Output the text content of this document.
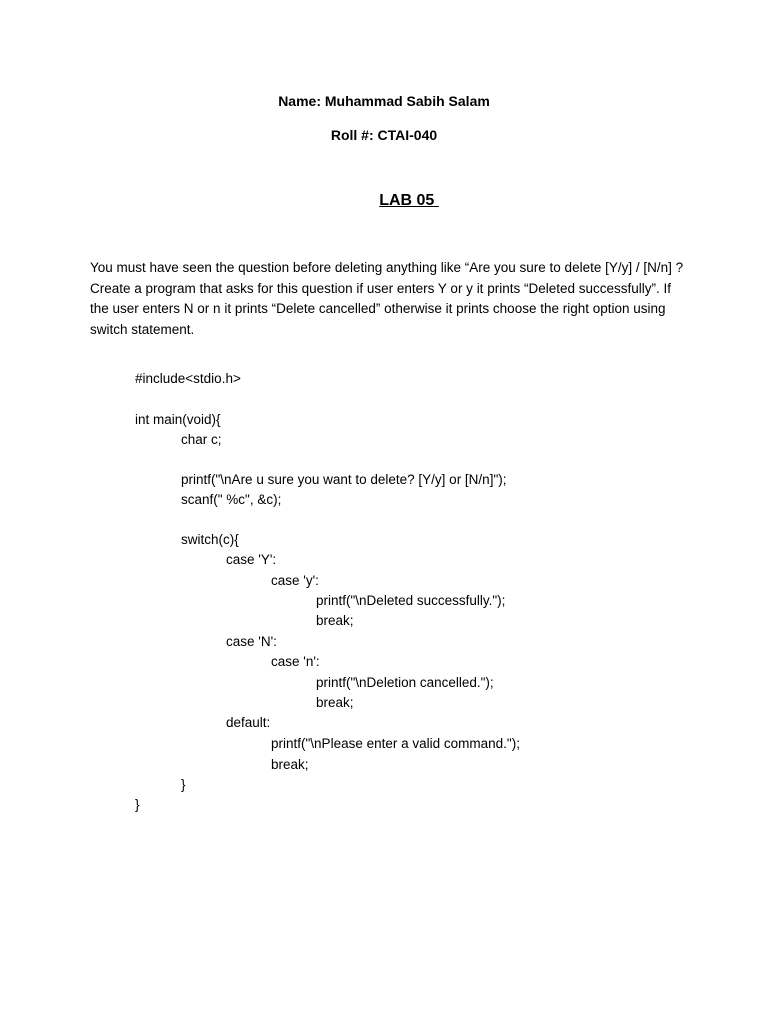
Name: Muhammad Sabih Salam
Roll #: CTAI-040
LAB 05
You must have seen the question before deleting anything like “Are you sure to delete [Y/y] / [N/n] ? Create a program that asks for this question if user enters Y or y it prints “Deleted successfully”. If the user enters N or n it prints “Delete cancelled” otherwise it prints choose the right option using switch statement.
#include<stdio.h>
int main(void){
char c;
printf("\nAre u sure you want to delete? [Y/y] or [N/n]");
scanf(" %c", &c);
switch(c){
case 'Y':
case 'y':
printf("\nDeleted successfully.");
break;
case 'N':
case 'n':
printf("\nDeletion cancelled.");
break;
default:
printf("\nPlease enter a valid command.");
break;
}
}
